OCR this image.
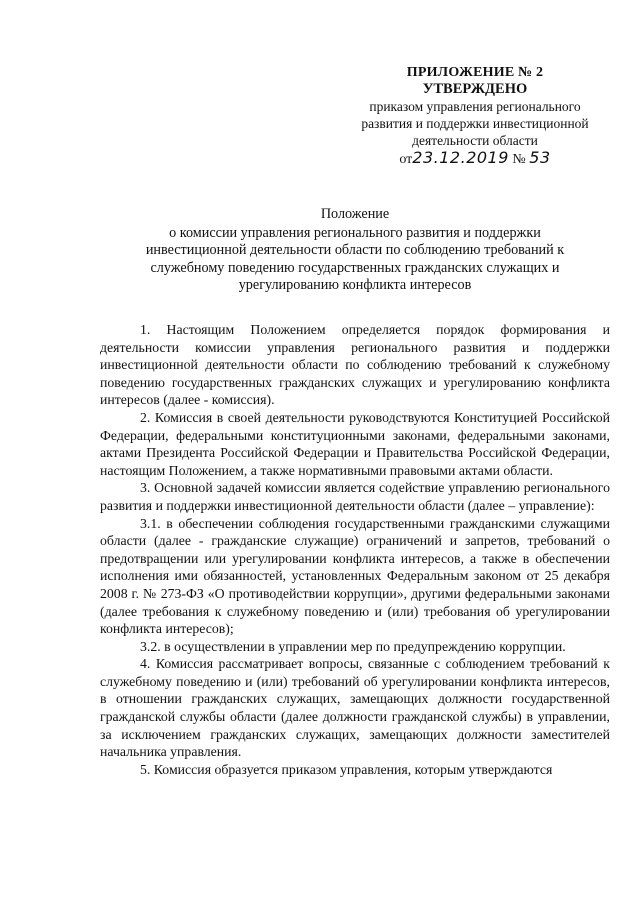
ПРИЛОЖЕНИЕ № 2
УТВЕРЖДЕНО
приказом управления регионального
развития и поддержки инвестиционной
деятельности области
от23.12.2019 № 53
Положение
о комиссии управления регионального развития и поддержки
инвестиционной деятельности области по соблюдению требований к
служебному поведению государственных гражданских служащих и
урегулированию конфликта интересов

1. Настоящим Положением определяется порядок формирования и деятельности комиссии управления регионального развития и поддержки инвестиционной деятельности области по соблюдению требований к служебному поведению государственных гражданских служащих и урегулированию конфликта интересов (далее - комиссия).

2. Комиссия в своей деятельности руководствуются Конституцией Российской Федерации, федеральными конституционными законами, федеральными законами, актами Президента Российской Федерации и Правительства Российской Федерации, настоящим Положением, а также нормативными правовыми актами области.

3. Основной задачей комиссии является содействие управлению регионального развития и поддержки инвестиционной деятельности области (далее – управление):

3.1. в обеспечении соблюдения государственными гражданскими служащими области (далее - гражданские служащие) ограничений и запретов, требований о предотвращении или урегулировании конфликта интересов, а также в обеспечении исполнения ими обязанностей, установленных Федеральным законом от 25 декабря 2008 г. № 273-ФЗ «О противодействии коррупции», другими федеральными законами (далее требования к служебному поведению и (или) требования об урегулировании конфликта интересов);

3.2. в осуществлении в управлении мер по предупреждению коррупции.

4. Комиссия рассматривает вопросы, связанные с соблюдением требований к служебному поведению и (или) требований об урегулировании конфликта интересов, в отношении гражданских служащих, замещающих должности государственной гражданской службы области (далее должности гражданской службы) в управлении, за исключением гражданских служащих, замещающих должности заместителей начальника управления.

5. Комиссия образуется приказом управления, которым утверждаются
